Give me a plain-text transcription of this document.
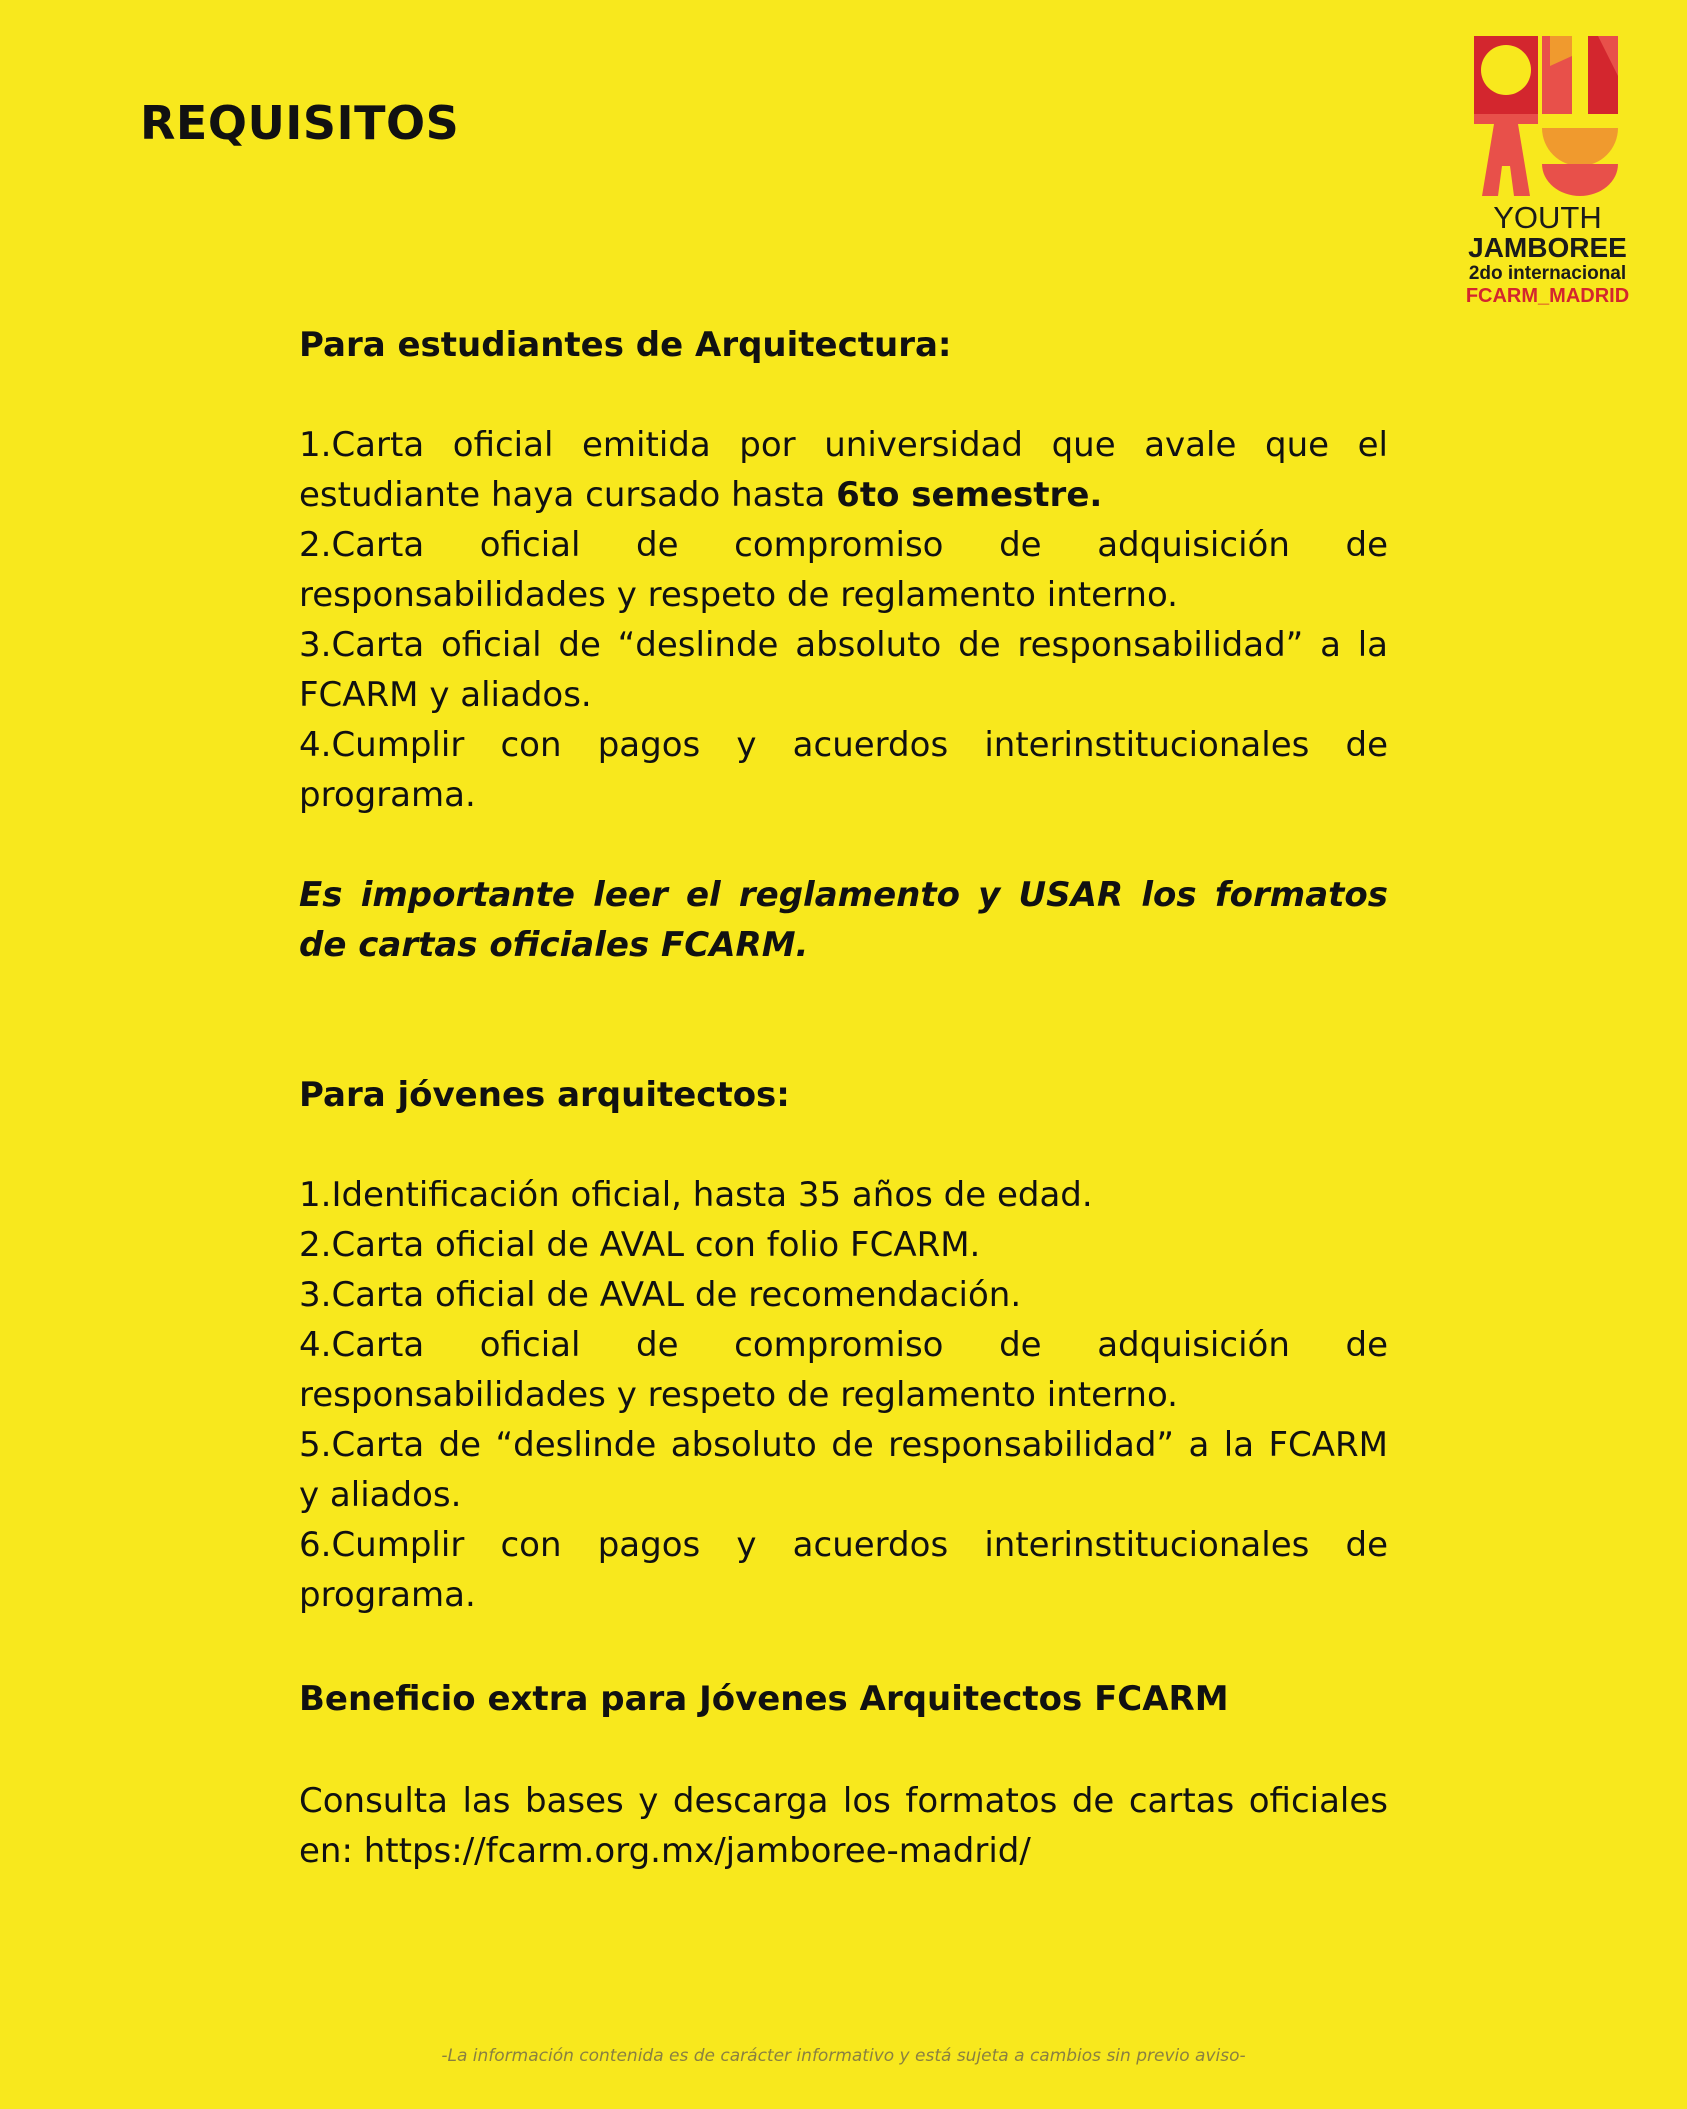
REQUISITOS
YOUTH
JAMBOREE
2do internacional
FCARM_MADRID

Para estudiantes de Arquitectura:

1.Carta oficial emitida por universidad que avale que el estudiante haya cursado hasta 6to semestre.

2.Carta oficial de compromiso de adquisición de responsabilidades y respeto de reglamento interno.

3.Carta oficial de “deslinde absoluto de responsabilidad” a la FCARM y aliados.

4.Cumplir con pagos y acuerdos interinstitucionales de programa.

Es importante leer el reglamento y USAR los formatos de cartas oficiales FCARM.

Para jóvenes arquitectos:

1.Identificación oficial, hasta 35 años de edad.

2.Carta oficial de AVAL con folio FCARM.

3.Carta oficial de AVAL de recomendación.

4.Carta oficial de compromiso de adquisición de responsabilidades y respeto de reglamento interno.

5.Carta de “deslinde absoluto de responsabilidad” a la FCARM y aliados.

6.Cumplir con pagos y acuerdos interinstitucionales de programa.

Beneficio extra para Jóvenes Arquitectos FCARM

Consulta las bases y descarga los formatos de cartas oficiales en: https://fcarm.org.mx/jamboree-madrid/

-La información contenida es de carácter informativo y está sujeta a cambios sin previo aviso-
